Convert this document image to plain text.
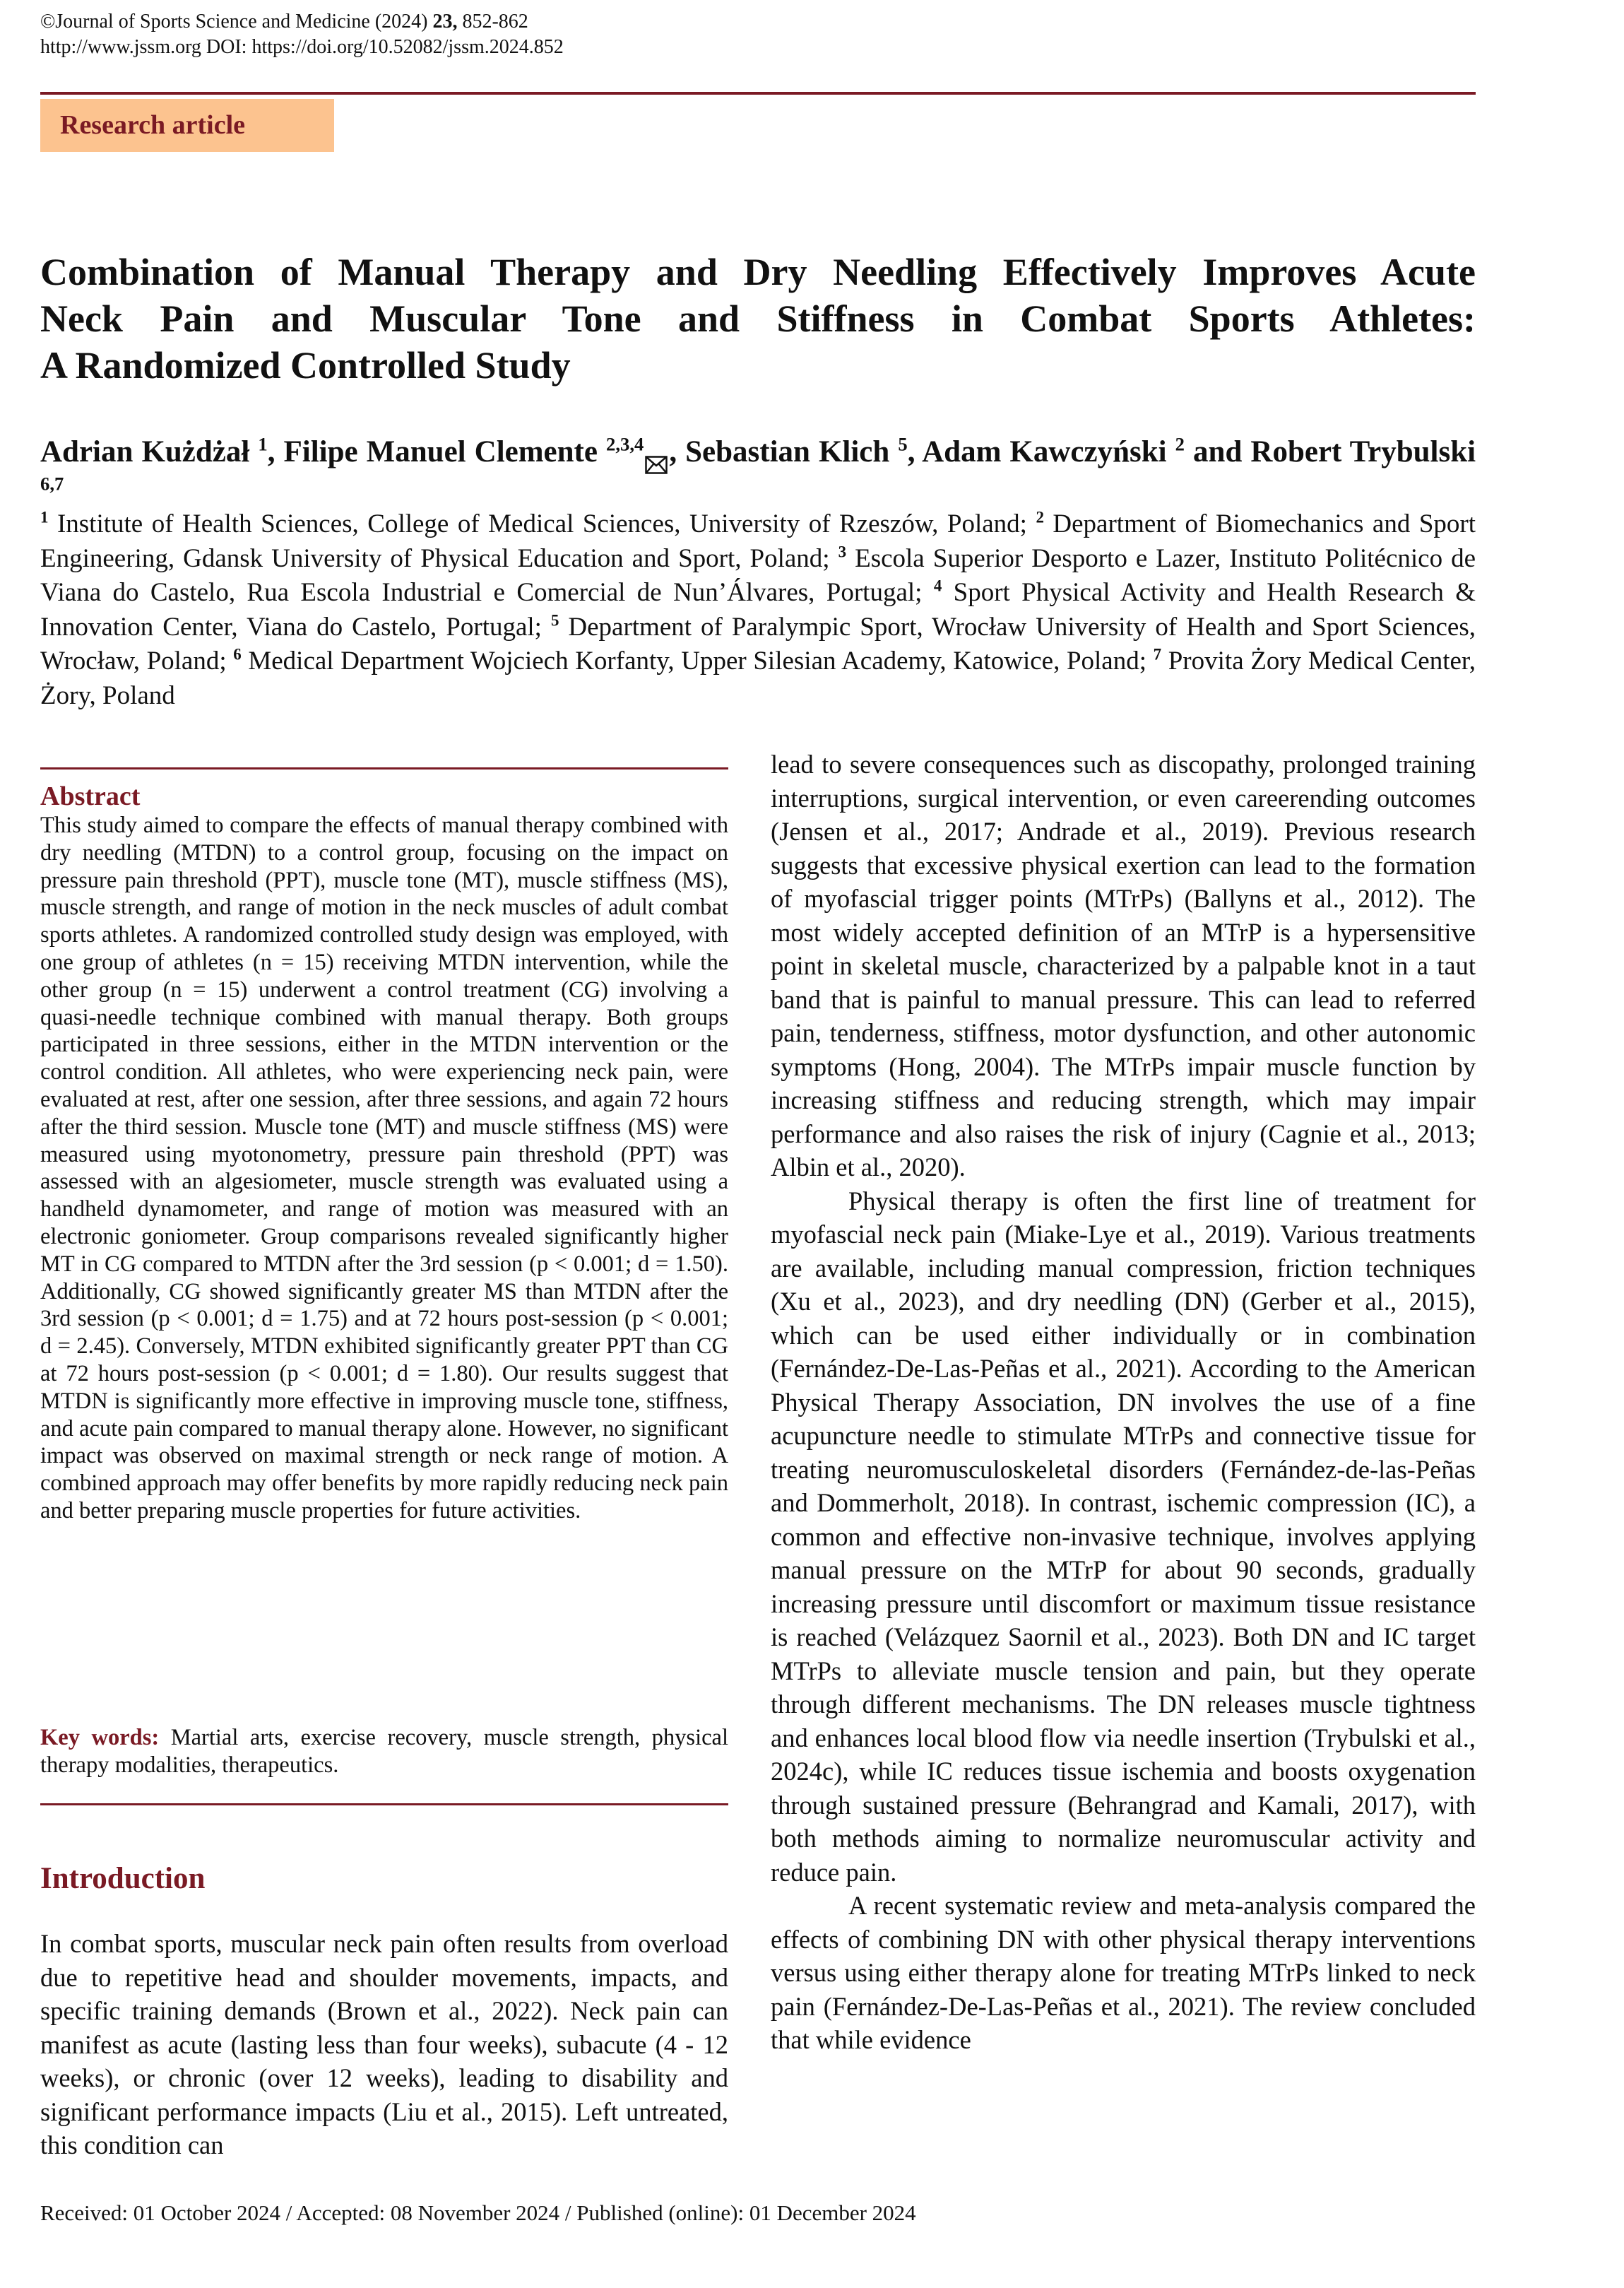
©Journal of Sports Science and Medicine (2024) 23, 852-862
http://www.jssm.org DOI: https://doi.org/10.52082/jssm.2024.852
Research article
Combination of Manual Therapy and Dry Needling Effectively Improves Acute
Neck Pain and Muscular Tone and Stiffness in Combat Sports Athletes:
A Randomized Controlled Study
Adrian Kużdżał $^1$, Filipe Manuel Clemente $^{2,3,4}$ , Sebastian Klich $^5$, Adam Kawczyński $^2$ and Robert Trybulski $^{6,7}$
$^1$ Institute of Health Sciences, College of Medical Sciences, University of Rzeszów, Poland; $^2$ Department of Biomechanics and Sport Engineering, Gdansk University of Physical Education and Sport, Poland; $^3$ Escola Superior Desporto e Lazer, Instituto Politécnico de Viana do Castelo, Rua Escola Industrial e Comercial de Nun’Álvares, Portugal; $^4$ Sport Physical Activity and Health Research & Innovation Center, Viana do Castelo, Portugal; $^5$ Department of Paralympic Sport, Wrocław University of Health and Sport Sciences, Wrocław, Poland; $^6$ Medical Department Wojciech Korfanty, Upper Silesian Academy, Katowice, Poland; $^7$ Provita Żory Medical Center, Żory, Poland
Abstract
This study aimed to compare the effects of manual therapy combined with dry needling (MTDN) to a control group, focusing on the impact on pressure pain threshold (PPT), muscle tone (MT), muscle stiffness (MS), muscle strength, and range of motion in the neck muscles of adult combat sports athletes. A randomized controlled study design was employed, with one group of athletes (n = 15) receiving MTDN intervention, while the other group (n = 15) underwent a control treatment (CG) involving a quasi-needle technique combined with manual therapy. Both groups participated in three sessions, either in the MTDN intervention or the control condition. All athletes, who were experiencing neck pain, were evaluated at rest, after one session, after three sessions, and again 72 hours after the third session. Muscle tone (MT) and muscle stiffness (MS) were measured using myotonometry, pressure pain threshold (PPT) was assessed with an algesiometer, muscle strength was evaluated using a handheld dynamometer, and range of motion was measured with an electronic goniometer. Group comparisons revealed significantly higher MT in CG compared to MTDN after the 3rd session (p < 0.001; d = 1.50). Additionally, CG showed significantly greater MS than MTDN after the 3rd session (p < 0.001; d = 1.75) and at 72 hours post-session (p < 0.001; d = 2.45). Conversely, MTDN exhibited significantly greater PPT than CG at 72 hours post-session (p < 0.001; d = 1.80). Our results suggest that MTDN is significantly more effective in improving muscle tone, stiffness, and acute pain compared to manual therapy alone. However, no significant impact was observed on maximal strength or neck range of motion. A combined approach may offer benefits by more rapidly reducing neck pain and better preparing muscle properties for future activities.
Key words: Martial arts, exercise recovery, muscle strength, physical therapy modalities, therapeutics.
Introduction

In combat sports, muscular neck pain often results from overload due to repetitive head and shoulder movements, impacts, and specific training demands (Brown et al., 2022). Neck pain can manifest as acute (lasting less than four weeks), subacute (4 - 12 weeks), or chronic (over 12 weeks), leading to disability and significant performance impacts (Liu et al., 2015). Left untreated, this condition can

lead to severe consequences such as discopathy, prolonged training interruptions, surgical intervention, or even careerending outcomes (Jensen et al., 2017; Andrade et al., 2019). Previous research suggests that excessive physical exertion can lead to the formation of myofascial trigger points (MTrPs) (Ballyns et al., 2012). The most widely accepted definition of an MTrP is a hypersensitive point in skeletal muscle, characterized by a palpable knot in a taut band that is painful to manual pressure. This can lead to referred pain, tenderness, stiffness, motor dysfunction, and other autonomic symptoms (Hong, 2004). The MTrPs impair muscle function by increasing stiffness and reducing strength, which may impair performance and also raises the risk of injury (Cagnie et al., 2013; Albin et al., 2020).

Physical therapy is often the first line of treatment for myofascial neck pain (Miake-Lye et al., 2019). Various treatments are available, including manual compression, friction techniques (Xu et al., 2023), and dry needling (DN) (Gerber et al., 2015), which can be used either individually or in combination (Fernández-De-Las-Peñas et al., 2021). According to the American Physical Therapy Association, DN involves the use of a fine acupuncture needle to stimulate MTrPs and connective tissue for treating neuromusculoskeletal disorders (Fernández-de-las-Peñas and Dommerholt, 2018). In contrast, ischemic compression (IC), a common and effective non-invasive technique, involves applying manual pressure on the MTrP for about 90 seconds, gradually increasing pressure until discomfort or maximum tissue resistance is reached (Velázquez Saornil et al., 2023). Both DN and IC target MTrPs to alleviate muscle tension and pain, but they operate through different mechanisms. The DN releases muscle tightness and enhances local blood flow via needle insertion (Trybulski et al., 2024c), while IC reduces tissue ischemia and boosts oxygenation through sustained pressure (Behrangrad and Kamali, 2017), with both methods aiming to normalize neuromuscular activity and reduce pain.

A recent systematic review and meta-analysis compared the effects of combining DN with other physical therapy interventions versus using either therapy alone for treating MTrPs linked to neck pain (Fernández-De-Las-Peñas et al., 2021). The review concluded that while evidence

Received: 01 October 2024 / Accepted: 08 November 2024 / Published (online): 01 December 2024
